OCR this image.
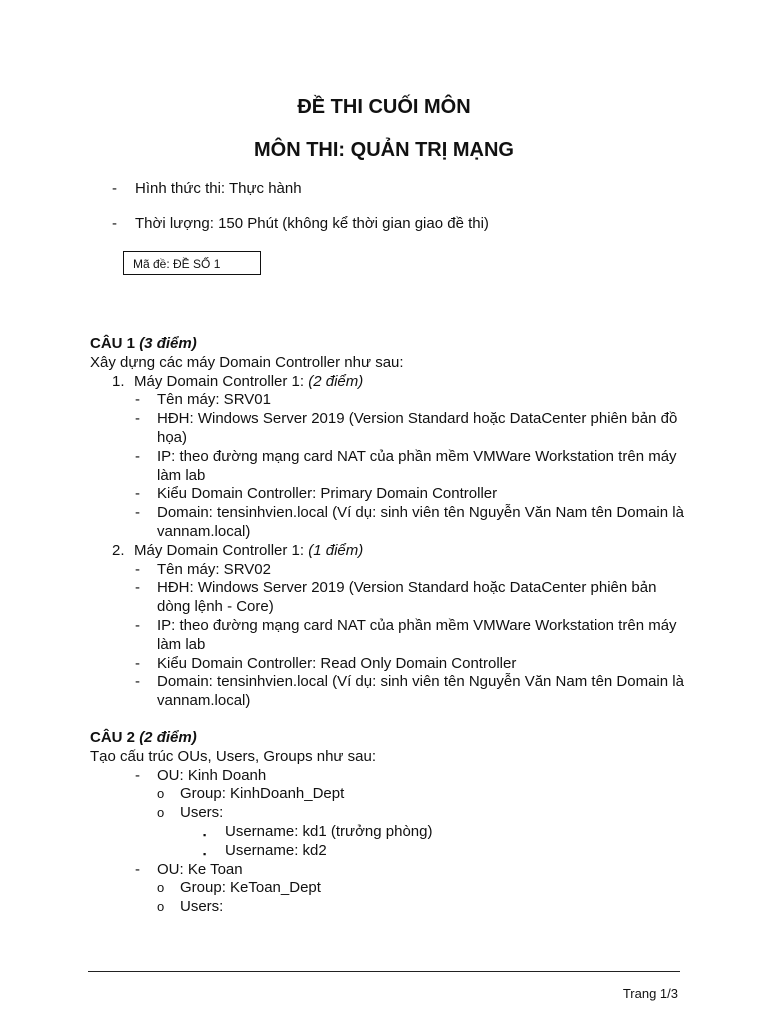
ĐỀ THI CUỐI MÔN
MÔN THI: QUẢN TRỊ MẠNG
- Hình thức thi: Thực hành
- Thời lượng: 150 Phút (không kể thời gian giao đề thi)
Mã đề: ĐỀ SỐ 1
CÂU 1 (3 điểm)
Xây dựng các máy Domain Controller như sau:
1. Máy Domain Controller 1: (2 điểm)
- Tên máy: SRV01
- HĐH: Windows Server 2019 (Version Standard hoặc DataCenter phiên bản đồ họa)
- IP: theo đường mạng card NAT của phần mềm VMWare Workstation trên máy làm lab
- Kiểu Domain Controller: Primary Domain Controller
- Domain: tensinhvien.local (Ví dụ: sinh viên tên Nguyễn Văn Nam tên Domain là vannam.local)
2. Máy Domain Controller 1: (1 điểm)
- Tên máy: SRV02
- HĐH: Windows Server 2019 (Version Standard hoặc DataCenter phiên bản dòng lệnh - Core)
- IP: theo đường mạng card NAT của phần mềm VMWare Workstation trên máy làm lab
- Kiểu Domain Controller: Read Only Domain Controller
- Domain: tensinhvien.local (Ví dụ: sinh viên tên Nguyễn Văn Nam tên Domain là vannam.local)
CÂU 2 (2 điểm)
Tạo cấu trúc OUs, Users, Groups như sau:
- OU: Kinh Doanh
o Group: KinhDoanh_Dept
o Users:
▪ Username: kd1 (trưởng phòng)
▪ Username: kd2
- OU: Ke Toan
o Group: KeToan_Dept
o Users:
Trang 1/3
